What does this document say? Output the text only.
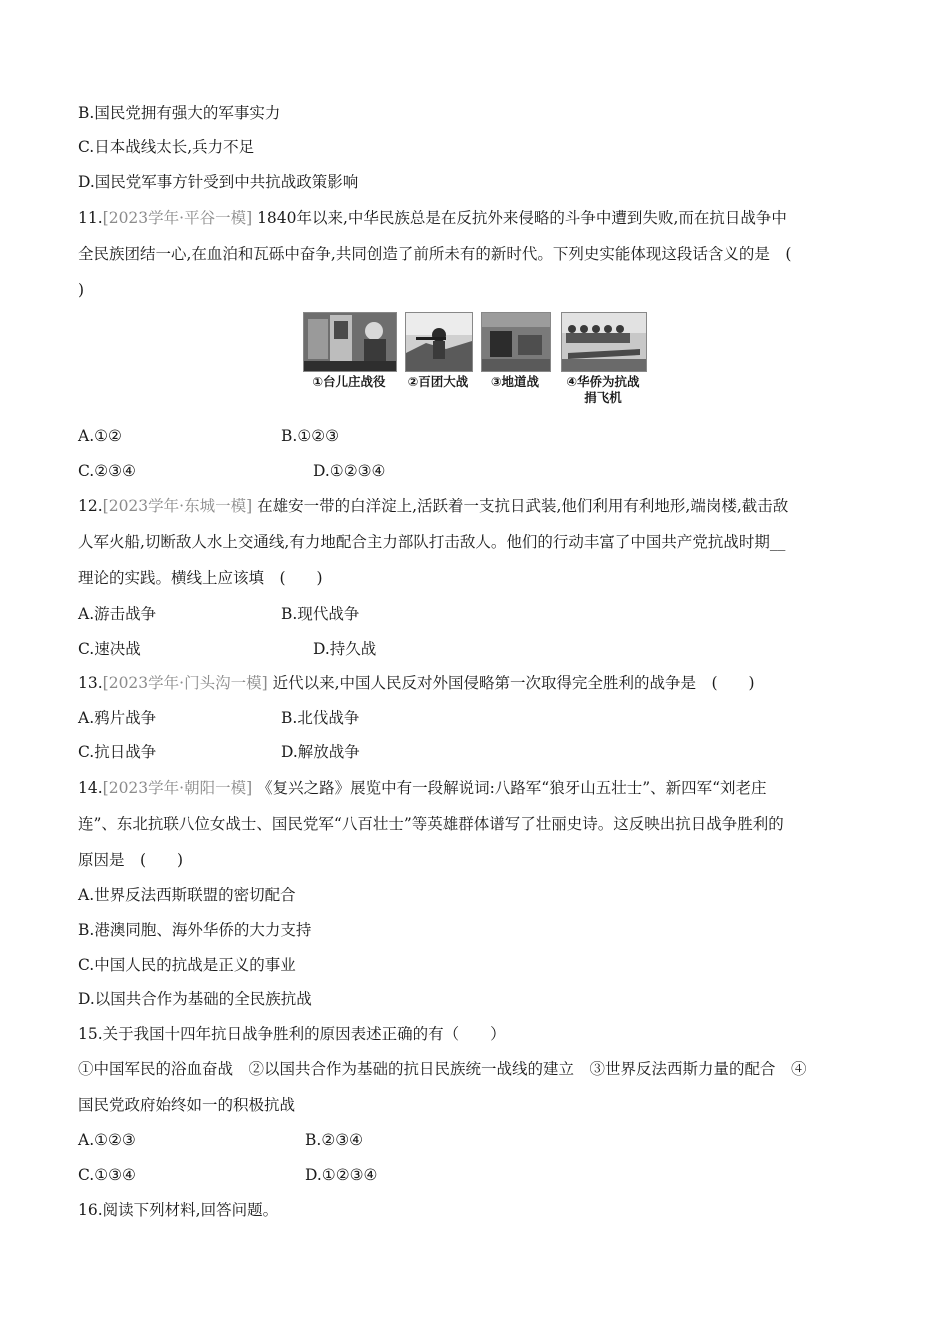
B.国民党拥有强大的军事实力
C.日本战线太长,兵力不足
D.国民党军事方针受到中共抗战政策影响
11.[2023学年·平谷一模] 1840年以来,中华民族总是在反抗外来侵略的斗争中遭到失败,而在抗日战争中
全民族团结一心,在血泊和瓦砾中奋争,共同创造了前所未有的新时代。下列史实能体现这段话含义的是　(
)
①台儿庄战役	②百团大战	③地道战	④华侨为抗战
捐飞机
A.①②	B.①②③
C.②③④	D.①②③④
12.[2023学年·东城一模] 在雄安一带的白洋淀上,活跃着一支抗日武装,他们利用有利地形,端岗楼,截击敌
人军火船,切断敌人水上交通线,有力地配合主力部队打击敌人。他们的行动丰富了中国共产党抗战时期__
理论的实践。横线上应该填　(　　)
A.游击战争	B.现代战争
C.速决战	D.持久战
13.[2023学年·门头沟一模] 近代以来,中国人民反对外国侵略第一次取得完全胜利的战争是　(　　)
A.鸦片战争	B.北伐战争
C.抗日战争	D.解放战争
14.[2023学年·朝阳一模] 《复兴之路》展览中有一段解说词:八路军“狼牙山五壮士”、新四军“刘老庄
连”、东北抗联八位女战士、国民党军“八百壮士”等英雄群体谱写了壮丽史诗。这反映出抗日战争胜利的
原因是　(　　)
A.世界反法西斯联盟的密切配合
B.港澳同胞、海外华侨的大力支持
C.中国人民的抗战是正义的事业
D.以国共合作为基础的全民族抗战
15.关于我国十四年抗日战争胜利的原因表述正确的有（　　）
①中国军民的浴血奋战　②以国共合作为基础的抗日民族统一战线的建立　③世界反法西斯力量的配合　④
国民党政府始终如一的积极抗战
A.①②③	B.②③④
C.①③④	D.①②③④
16.阅读下列材料,回答问题。
